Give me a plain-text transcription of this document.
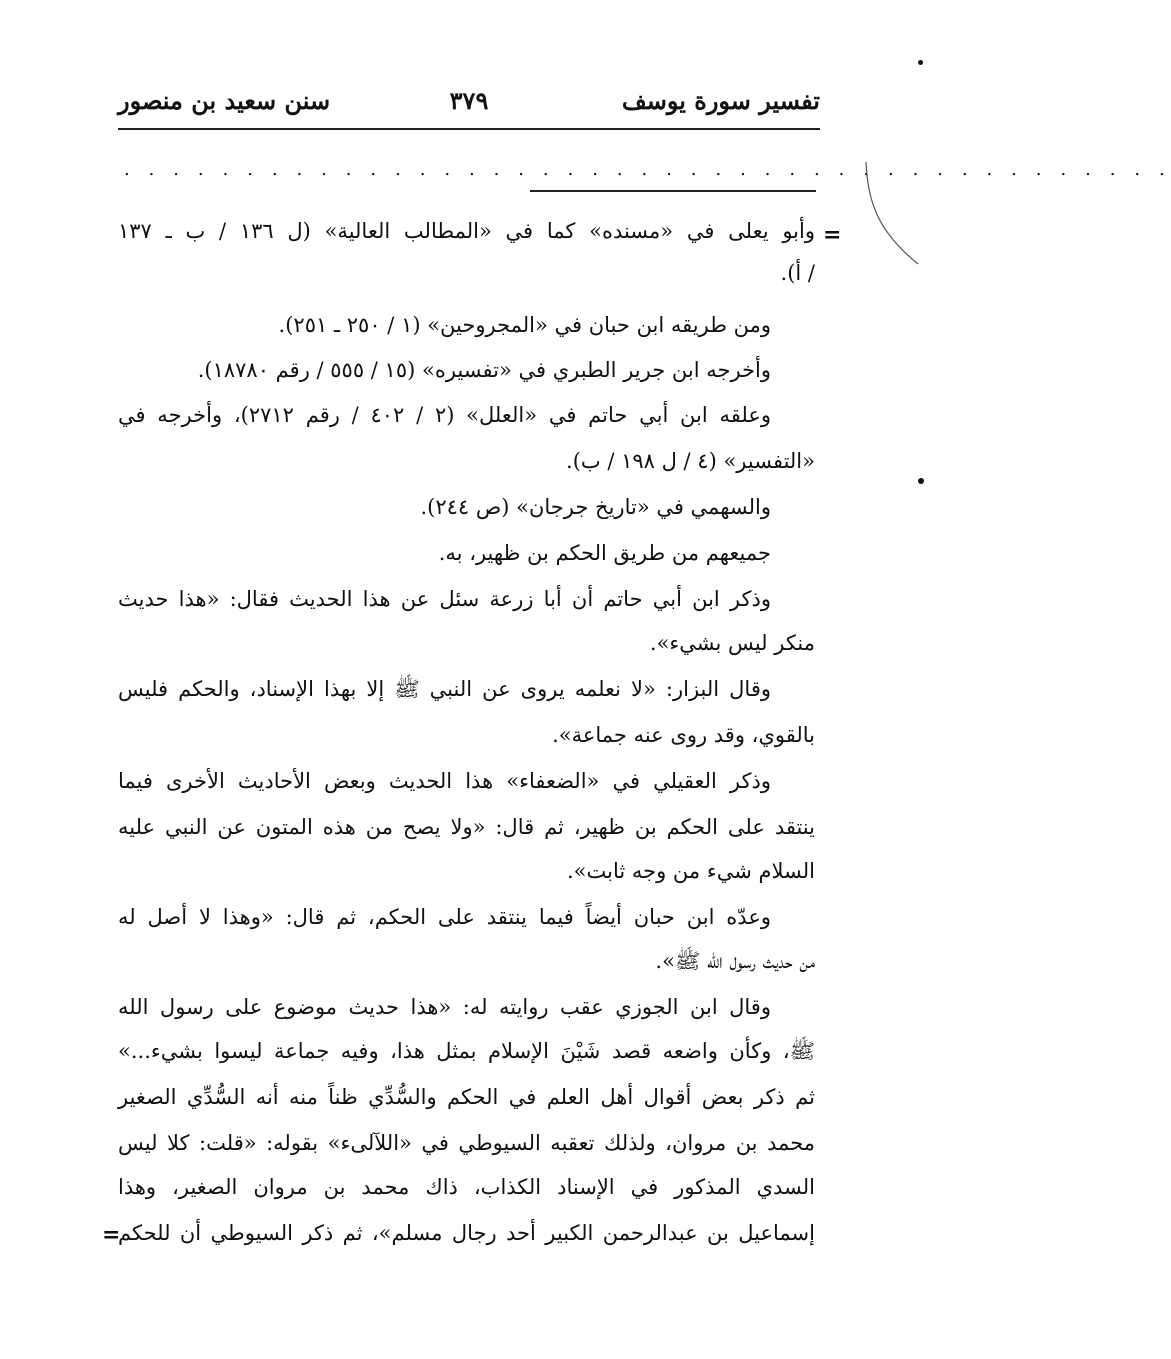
تفسير سورة يوسف
٣٧٩
سنن سعيد بن منصور
. . . . . . . . . . . . . . . . . . . . . . . . . . . . . . . . . . . . . . . . . . .
=
=
وأبو يعلى في «مسنده» كما في «المطالب العالية» (ل ١٣٦ / ب ـ ١٣٧
/ أ).
ومن طريقه ابن حبان في «المجروحين» (١ / ٢٥٠ ـ ٢٥١).
وأخرجه ابن جرير الطبري في «تفسيره» (١٥ / ٥٥٥ / رقم ١٨٧٨٠).
وعلقه ابن أبي حاتم في «العلل» (٢ / ٤٠٢ / رقم ٢٧١٢)، وأخرجه في
«التفسير» (٤ / ل ١٩٨ / ب).
والسهمي في «تاريخ جرجان» (ص ٢٤٤).
جميعهم من طريق الحكم بن ظهير، به.
وذكر ابن أبي حاتم أن أبا زرعة سئل عن هذا الحديث فقال: «هذا حديث
منكر ليس بشيء».
وقال البزار: «لا نعلمه يروى عن النبي ﷺ إلا بهذا الإسناد، والحكم فليس
بالقوي، وقد روى عنه جماعة».
وذكر العقيلي في «الضعفاء» هذا الحديث وبعض الأحاديث الأخرى فيما
ينتقد على الحكم بن ظهير، ثم قال: «ولا يصح من هذه المتون عن النبي عليه
السلام شيء من وجه ثابت».
وعدّه ابن حبان أيضاً فيما ينتقد على الحكم، ثم قال: «وهذا لا أصل له
من حديث رسول الله ﷺ».
وقال ابن الجوزي عقب روايته له: «هذا حديث موضوع على رسول الله
ﷺ، وكأن واضعه قصد شَيْنَ الإسلام بمثل هذا، وفيه جماعة ليسوا بشيء...»
ثم ذكر بعض أقوال أهل العلم في الحكم والسُّدِّي ظناً منه أنه السُّدِّي الصغير
محمد بن مروان، ولذلك تعقبه السيوطي في «اللآلىء» بقوله: «قلت: كلا ليس
السدي المذكور في الإسناد الكذاب، ذاك محمد بن مروان الصغير، وهذا
إسماعيل بن عبدالرحمن الكبير أحد رجال مسلم»، ثم ذكر السيوطي أن للحكم
